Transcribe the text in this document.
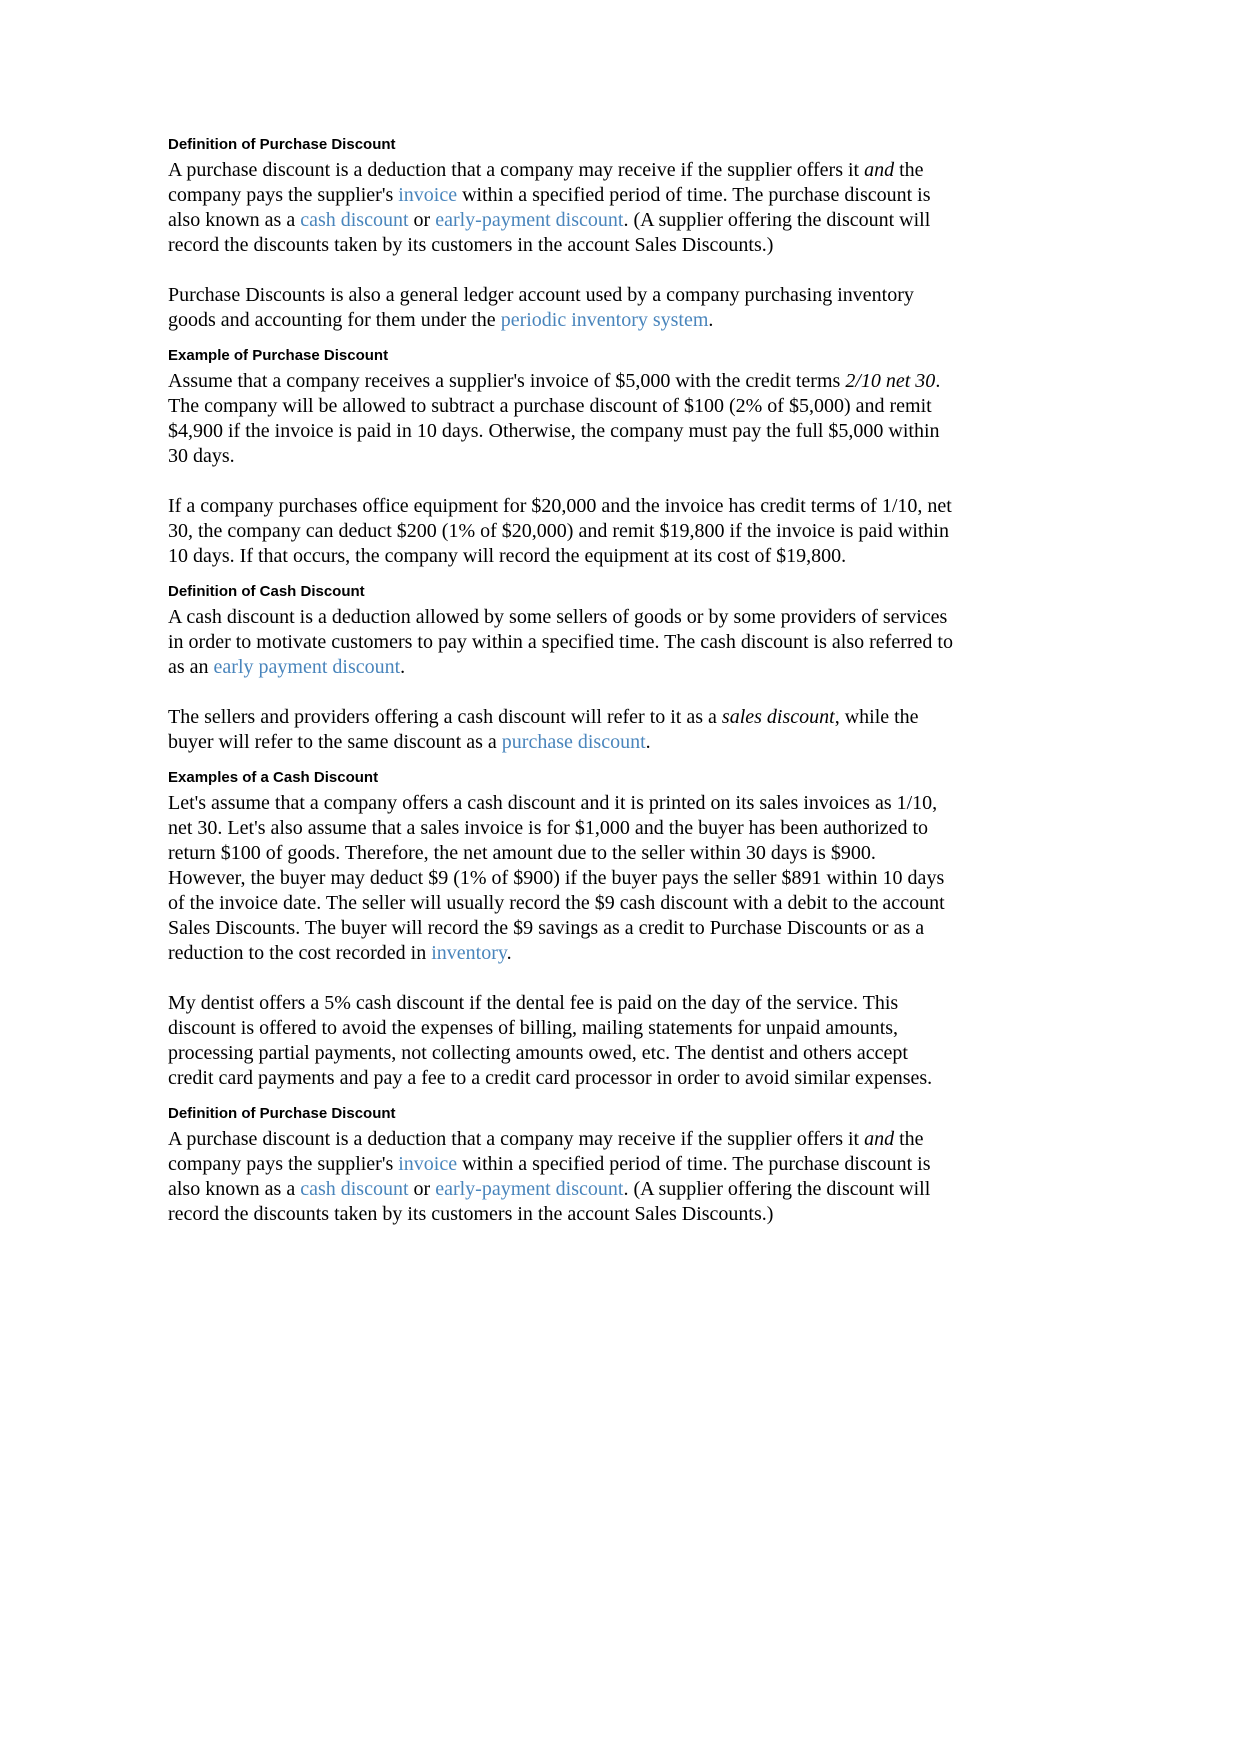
Definition of Purchase Discount

A purchase discount is a deduction that a company may receive if the supplier offers it and the company pays the supplier's invoice within a specified period of time. The purchase discount is also known as a cash discount or early-payment discount. (A supplier offering the discount will record the discounts taken by its customers in the account Sales Discounts.)

Purchase Discounts is also a general ledger account used by a company purchasing inventory goods and accounting for them under the periodic inventory system.

Example of Purchase Discount

Assume that a company receives a supplier's invoice of $5,000 with the credit terms 2/10 net 30. The company will be allowed to subtract a purchase discount of $100 (2% of $5,000) and remit $4,900 if the invoice is paid in 10 days. Otherwise, the company must pay the full $5,000 within 30 days.

If a company purchases office equipment for $20,000 and the invoice has credit terms of 1/10, net 30, the company can deduct $200 (1% of $20,000) and remit $19,800 if the invoice is paid within 10 days. If that occurs, the company will record the equipment at its cost of $19,800.

Definition of Cash Discount

A cash discount is a deduction allowed by some sellers of goods or by some providers of services in order to motivate customers to pay within a specified time. The cash discount is also referred to as an early payment discount.

The sellers and providers offering a cash discount will refer to it as a sales discount, while the buyer will refer to the same discount as a purchase discount.

Examples of a Cash Discount

Let's assume that a company offers a cash discount and it is printed on its sales invoices as 1/10, net 30. Let's also assume that a sales invoice is for $1,000 and the buyer has been authorized to return $100 of goods. Therefore, the net amount due to the seller within 30 days is $900. However, the buyer may deduct $9 (1% of $900) if the buyer pays the seller $891 within 10 days of the invoice date. The seller will usually record the $9 cash discount with a debit to the account Sales Discounts. The buyer will record the $9 savings as a credit to Purchase Discounts or as a reduction to the cost recorded in inventory.

My dentist offers a 5% cash discount if the dental fee is paid on the day of the service. This discount is offered to avoid the expenses of billing, mailing statements for unpaid amounts, processing partial payments, not collecting amounts owed, etc. The dentist and others accept credit card payments and pay a fee to a credit card processor in order to avoid similar expenses.

Definition of Purchase Discount

A purchase discount is a deduction that a company may receive if the supplier offers it and the company pays the supplier's invoice within a specified period of time. The purchase discount is also known as a cash discount or early-payment discount. (A supplier offering the discount will record the discounts taken by its customers in the account Sales Discounts.)
